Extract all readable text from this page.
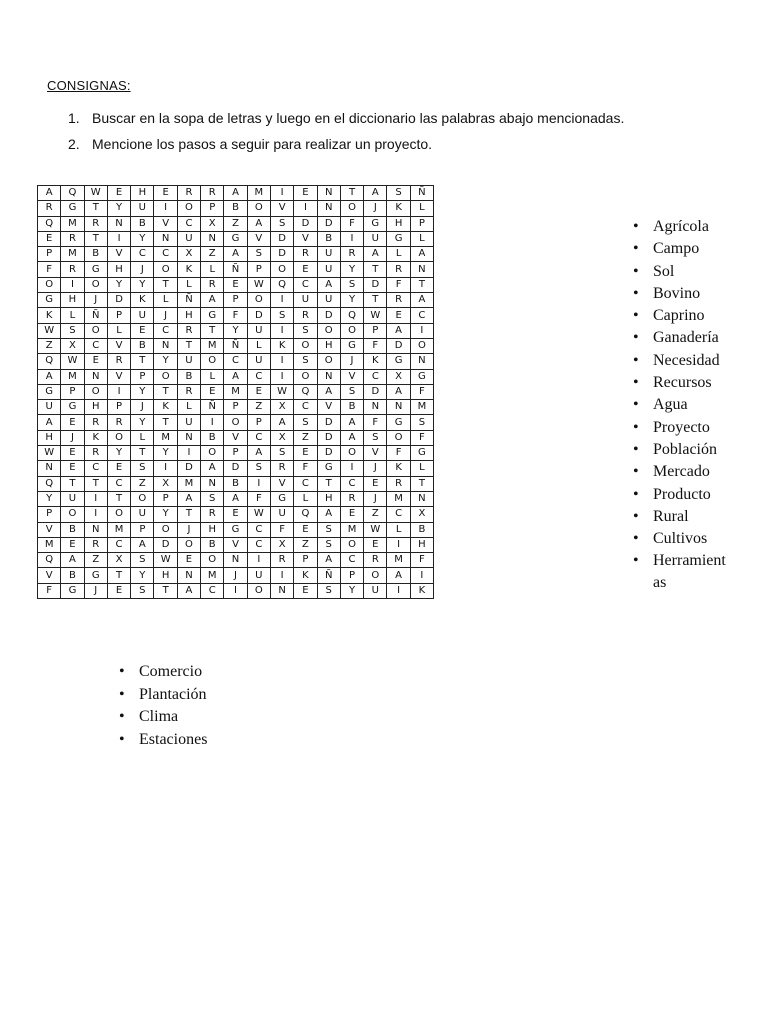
CONSIGNAS:
1. Buscar en la sopa de letras y luego en el diccionario las palabras abajo mencionadas.
2. Mencione los pasos a seguir para realizar un proyecto.
A	Q	W	E	H	E	R	R	A	M	I	E	N	T	A	S	Ñ
R	G	T	Y	U	I	O	P	B	O	V	I	N	O	J	K	L
Q	M	R	N	B	V	C	X	Z	A	S	D	D	F	G	H	P
E	R	T	I	Y	N	U	N	G	V	D	V	B	I	U	G	L
P	M	B	V	C	C	X	Z	A	S	D	R	U	R	A	L	A
F	R	G	H	J	O	K	L	Ñ	P	O	E	U	Y	T	R	N
O	I	O	Y	Y	T	L	R	E	W	Q	C	A	S	D	F	T
G	H	J	D	K	L	Ñ	A	P	O	I	U	U	Y	T	R	A
K	L	Ñ	P	U	J	H	G	F	D	S	R	D	Q	W	E	C
W	S	O	L	E	C	R	T	Y	U	I	S	O	O	P	A	I
Z	X	C	V	B	N	T	M	Ñ	L	K	O	H	G	F	D	O
Q	W	E	R	T	Y	U	O	C	U	I	S	O	J	K	G	N
A	M	N	V	P	O	B	L	A	C	I	O	N	V	C	X	G
G	P	O	I	Y	T	R	E	M	E	W	Q	A	S	D	A	F
U	G	H	P	J	K	L	Ñ	P	Z	X	C	V	B	N	N	M
A	E	R	R	Y	T	U	I	O	P	A	S	D	A	F	G	S
H	J	K	O	L	M	N	B	V	C	X	Z	D	A	S	O	F
W	E	R	Y	T	Y	I	O	P	A	S	E	D	O	V	F	G
N	E	C	E	S	I	D	A	D	S	R	F	G	I	J	K	L
Q	T	T	C	Z	X	M	N	B	I	V	C	T	C	E	R	T
Y	U	I	T	O	P	A	S	A	F	G	L	H	R	J	M	N
P	O	I	O	U	Y	T	R	E	W	U	Q	A	E	Z	C	X
V	B	N	M	P	O	J	H	G	C	F	E	S	M	W	L	B
M	E	R	C	A	D	O	B	V	C	X	Z	S	O	E	I	H
Q	A	Z	X	S	W	E	O	N	I	R	P	A	C	R	M	F
V	B	G	T	Y	H	N	M	J	U	I	K	Ñ	P	O	A	I
F	G	J	E	S	T	A	C	I	O	N	E	S	Y	U	I	K
• Agrícola
• Campo
• Sol
• Bovino
• Caprino
• Ganadería
• Necesidad
• Recursos
• Agua
• Proyecto
• Población
• Mercado
• Producto
• Rural
• Cultivos
• Herramientas
• Comercio
• Plantación
• Clima
• Estaciones
